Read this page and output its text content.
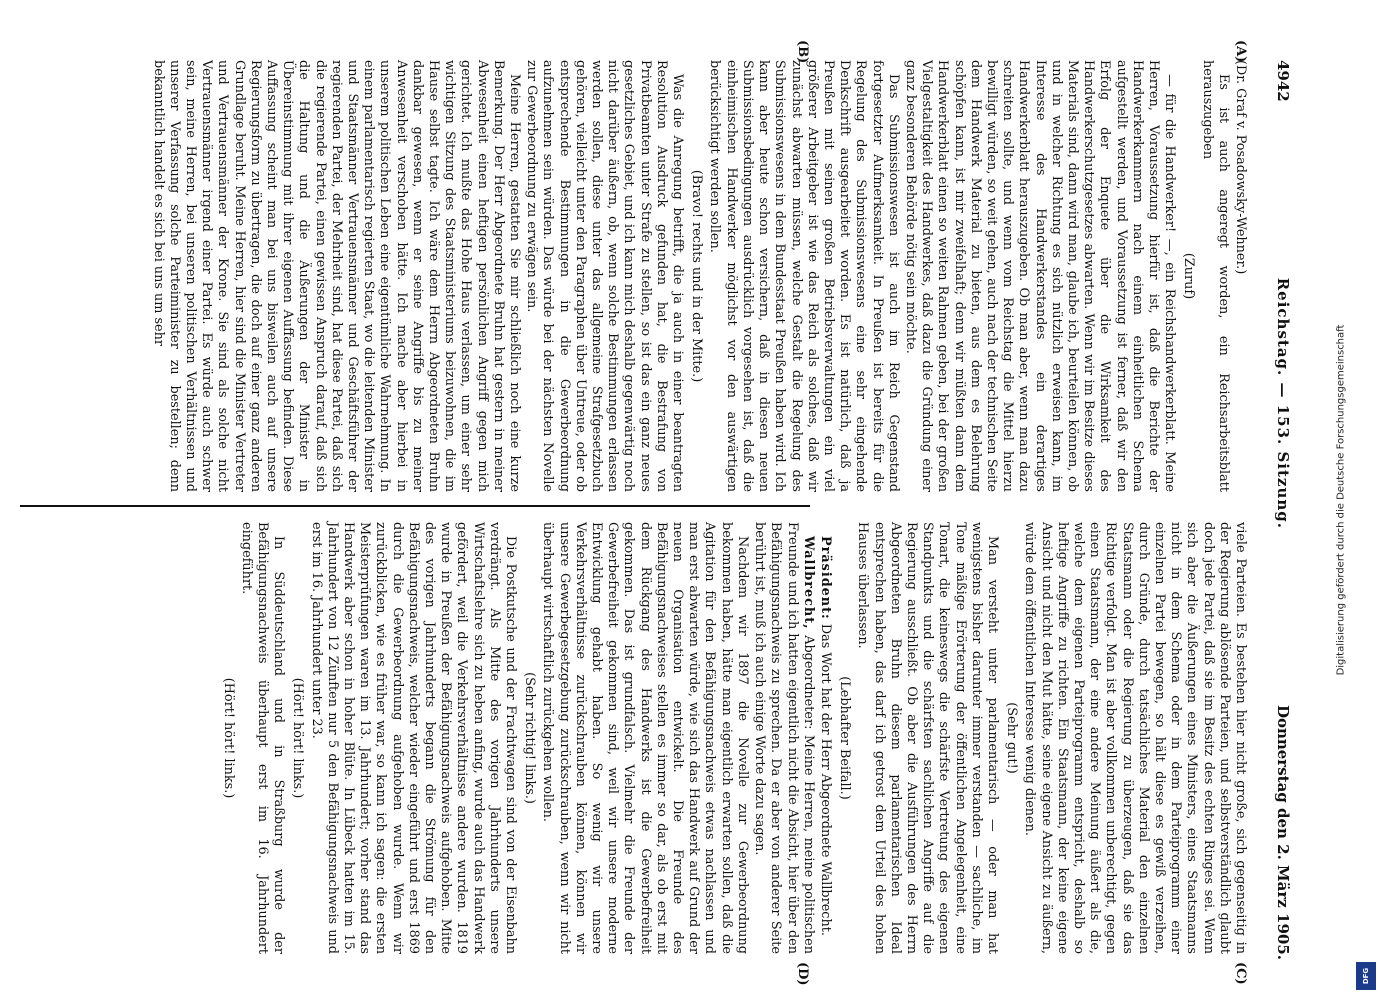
4942
Reichstag. — 153. Sitzung.
Donnerstag den 2. März 1905.
(A)
(B)
(C)
(D)

(Dr. Graf v. Posadowsky-Wehner.)

Es ist auch angeregt worden, ein Reichsarbeitsblatt herauszugeben

(Zuruf)

— für die Handwerker! —, ein Reichshandwerkerblatt. Meine Herren, Voraussetzung hierfür ist, daß die Berichte der Handwerkerkammern nach einem einheitlichen Schema aufgestellt werden, und Voraussetzung ist ferner, daß wir den Erfolg der Enquete über die Wirksamkeit des Handwerkerschutzgesetzes abwarten. Wenn wir im Besitze dieses Materials sind, dann wird man, glaube ich, beurteilen können, ob und in welcher Richtung es sich nützlich erweisen kann, im Interesse des Handwerkerstandes ein derartiges Handwerkerblatt herauszugeben. Ob man aber, wenn man dazu schreiten sollte, und wenn vom Reichstag die Mittel hierzu bewilligt würden, so weit gehen, auch nach der technischen Seite dem Handwerk Material zu bieten, aus dem es Belehrung schöpfen kann, ist mir zweifelhaft; denn wir müßten dann dem Handwerkerblatt einen so weiten Rahmen geben, bei der großen Vielgestaltigkeit des Handwerkes, daß dazu die Gründung einer ganz besonderen Behörde nötig sein möchte.

Das Submissionswesen ist auch im Reich Gegenstand fortgesetzter Aufmerksamkeit. In Preußen ist bereits für die Regelung des Submissionswesens eine sehr eingehende Denkschrift ausgearbeitet worden. Es ist natürlich, daß ja Preußen mit seinen großen Betriebsverwaltungen ein viel größerer Arbeitgeber ist wie das Reich als solches, daß wir zunächst abwarten müssen, welche Gestalt die Regelung des Submissionswesens in dem Bundesstaat Preußen haben wird. Ich kann aber heute schon versichern, daß in diesen neuen Submissionsbedingungen ausdrücklich vorgesehen ist, daß die einheimischen Handwerker möglichst vor den auswärtigen berücksichtigt werden sollen.

(Bravo! rechts und in der Mitte.)

Was die Anregung betrifft, die ja auch in einer beantragten Resolution Ausdruck gefunden hat, die Bestrafung von Privatbeamten unter Strafe zu stellen, so ist das ein ganz neues gesetzliches Gebiet, und ich kann mich deshalb gegenwärtig noch nicht darüber äußern, ob, wenn solche Bestimmungen erlassen werden sollen, diese unter das allgemeine Strafgesetzbuch gehören, vielleicht unter den Paragraphen über Untreue, oder ob entsprechende Bestimmungen in die Gewerbeordnung aufzunehmen sein würden. Das würde bei der nächsten Novelle zur Gewerbeordnung zu erwägen sein.

Meine Herren, gestatten Sie mir schließlich noch eine kurze Bemerkung. Der Herr Abgeordnete Bruhn hat gestern in meiner Abwesenheit einen heftigen persönlichen Angriff gegen mich gerichtet. Ich mußte das Hohe Haus verlassen, um einer sehr wichtigen Sitzung des Staatsministeriums beizuwohnen, die im Hause selbst tagte. Ich wäre dem Herrn Abgeordneten Bruhn dankbar gewesen, wenn er seine Angriffe bis zu meiner Anwesenheit verschoben hätte. Ich mache aber hierbei in unserem politischen Leben eine eigentümliche Wahrnehmung. In einem parlamentarisch regierten Staat, wo die leitenden Minister und Staatsmänner Vertrauensmänner und Geschäftsführer der regierenden Partei, der Mehrheit sind, hat diese Partei, daß sich die regierende Partei, einen gewissen Anspruch darauf, daß sich die Haltung und die Äußerungen der Minister in Übereinstimmung mit ihrer eigenen Auffassung befinden. Diese Auffassung scheint man bei uns bisweilen auch auf unsere Regierungsform zu übertragen, die doch auf einer ganz anderen Grundlage beruht. Meine Herren, hier sind die Minister Vertreter und Vertrauensmänner der Krone. Sie sind als solche nicht Vertrauensmänner irgend einer Partei. Es würde auch schwer sein, meine Herren, bei unseren politischen Verhältnissen und unserer Verfassung solche Parteiminister zu bestellen; denn bekanntlich handelt es sich bei uns um sehr

viele Parteien. Es bestehen hier nicht große, sich gegenseitig in der Regierung ablösende Parteien, und selbstverständlich glaubt doch jede Partei, daß sie im Besitz des echten Ringes sei. Wenn sich aber die Äußerungen eines Ministers, eines Staatsmanns nicht in dem Schema oder in dem Parteiprogramm einer einzelnen Partei bewegen, so hält diese es gewiß verzeihen, durch Gründe, durch tatsächliches Material den einzelnen Staatsmann oder die Regierung zu überzeugen, daß sie das Richtige verfolgt. Man ist aber vollkommen unberechtigt, gegen einen Staatsmann, der eine andere Meinung äußert als die, welche dem eigenen Parteiprogramm entspricht, deshalb so heftige Angriffe zu richten. Ein Staatsmann, der keine eigene Ansicht und nicht den Mut hätte, seine eigene Ansicht zu äußern, würde dem öffentlichen Interesse wenig dienen.

(Sehr gut!)

Man versteht unter parlamentarisch — oder man hat wenigstens bisher darunter immer verstanden — sachliche, im Tone mäßige Erörterung der öffentlichen Angelegenheit, eine Tonart, die keineswegs die schärfste Vertretung des eigenen Standpunkts und die schärfsten sachlichen Angriffe auf die Regierung ausschließt. Ob aber die Ausführungen des Herrn Abgeordneten Bruhn diesem parlamentarischen Ideal entsprechen haben, das darf ich getrost dem Urteil des hohen Hauses überlassen.

(Lebhafter Beifall.)

Präsident: Das Wort hat der Herr Abgeordnete Wallbrecht.

Wallbrecht, Abgeordneter: Meine Herren, meine politischen Freunde und ich hatten eigentlich nicht die Absicht, hier über den Befähigungsnachweis zu sprechen. Da er aber von anderer Seite berührt ist, muß ich auch einige Worte dazu sagen.

Nachdem wir 1897 die Novelle zur Gewerbeordnung bekommen haben, hätte man eigentlich erwarten sollen, daß die Agitation für den Befähigungsnachweis etwas nachlassen und man erst abwarten würde, wie sich das Handwerk auf Grund der neuen Organisation entwickelt. Die Freunde des Befähigungsnachweises stellen es immer so dar, als ob erst mit dem Rückgang des Handwerks ist die Gewerbefreiheit gekommen. Das ist grundfalsch. Vielmehr die Freunde der Gewerbefreiheit gekommen sind, weil wir unsere moderne Entwicklung gehabt haben. So wenig wir unsere Verkehrsverhältnisse zurückschrauben können, können wir unsere Gewerbegesetzgebung zurückschrauben, wenn wir nicht überhaupt wirtschaftlich zurückgehen wollen.

(Sehr richtig! links.)

Die Postkutsche und der Frachtwagen sind von der Eisenbahn verdrängt. Als Mitte des vorigen Jahrhunderts unsere Wirtschaftslehre sich zu heben anfing, wurde auch das Handwerk gefördert, weil die Verkehrsverhältnisse andere wurden. 1819 wurde in Preußen der Befähigungsnachweis aufgehoben. Mitte des vorigen Jahrhunderts begann die Strömung für den Befähigungsnachweis, welcher wieder eingeführt und erst 1869 durch die Gewerbeordnung aufgehoben wurde. Wenn wir zurückblicken, wie es früher war, so kann ich sagen: die ersten Meisterprüfungen waren im 13. Jahrhundert; vorher stand das Handwerk aber schon in hoher Blüte. In Lübeck hatten im 15. Jahrhundert von 12 Zünften nur 5 den Befähigungsnachweis und erst im 16. Jahrhundert unter 23.

(Hört! hört! links.)

In Süddeutschland und in Straßburg wurde der Befähigungsnachweis überhaupt erst im 16. Jahrhundert eingeführt.

(Hört! hört! links.)

Digitalisierung gefördert durch die Deutsche Forschungsgemeinschaft
DFG
